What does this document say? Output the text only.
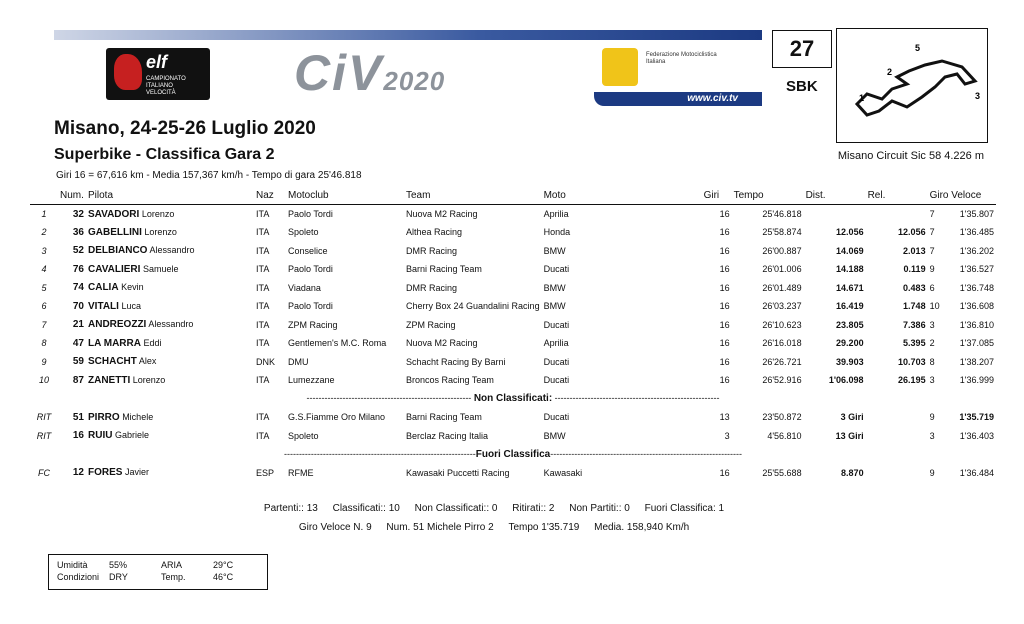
elf
CAMPIONATO ITALIANO VELOCITÀ	CiV2020
Federazione Motociclistica Italiana
www.civ.tv
27
SBK
1
2
5
3
Misano, 24-25-26 Luglio 2020
Superbike - Classifica Gara 2
Giri 16 = 67,616 km - Media 157,367 km/h - Tempo di gara 25'46.818
Misano Circuit Sic 58 4.226 m
	Num.	Pilota	Naz	Motoclub	Team	Moto	Giri	Tempo	Dist.	Rel.	Giro Veloce	
1	32	SAVADORI Lorenzo	ITA	Paolo Tordi	Nuova M2 Racing	Aprilia	16	25'46.818			7	1'35.807
2	36	GABELLINI Lorenzo	ITA	Spoleto	Althea Racing	Honda	16	25'58.874	12.056	12.056	7	1'36.485
3	52	DELBIANCO Alessandro	ITA	Conselice	DMR Racing	BMW	16	26'00.887	14.069	2.013	7	1'36.202
4	76	CAVALIERI Samuele	ITA	Paolo Tordi	Barni Racing Team	Ducati	16	26'01.006	14.188	0.119	9	1'36.527
5	74	CALIA Kevin	ITA	Viadana	DMR Racing	BMW	16	26'01.489	14.671	0.483	6	1'36.748
6	70	VITALI Luca	ITA	Paolo Tordi	Cherry Box 24 Guandalini Racing	BMW	16	26'03.237	16.419	1.748	10	1'36.608
7	21	ANDREOZZI Alessandro	ITA	ZPM Racing	ZPM Racing	Ducati	16	26'10.623	23.805	7.386	3	1'36.810
8	47	LA MARRA Eddi	ITA	Gentlemen's M.C. Roma	Nuova M2 Racing	Aprilia	16	26'16.018	29.200	5.395	2	1'37.085
9	59	SCHACHT Alex	DNK	DMU	Schacht Racing By Barni	Ducati	16	26'26.721	39.903	10.703	8	1'38.207
10	87	ZANETTI Lorenzo	ITA	Lumezzane	Broncos Racing Team	Ducati	16	26'52.916	1'06.098	26.195	3	1'36.999
------------------------------------------------------- Non Classificati: -------------------------------------------------------												
RIT	51	PIRRO Michele	ITA	G.S.Fiamme Oro Milano	Barni Racing Team	Ducati	13	23'50.872	3 Giri		9	1'35.719
RIT	16	RUIU Gabriele	ITA	Spoleto	Berclaz Racing Italia	BMW	3	4'56.810	13 Giri		3	1'36.403
----------------------------------------------------------------Fuori Classifica----------------------------------------------------------------												
FC	12	FORES Javier	ESP	RFME	Kawasaki Puccetti Racing	Kawasaki	16	25'55.688	8.870		9	1'36.484
Partenti:: 13 Classificati:: 10 Non Classificati:: 0 Ritirati:: 2 Non Partiti:: 0 Fuori Classifica: 1
Giro Veloce N. 9 Num. 51 Michele Pirro 2 Tempo 1'35.719 Media. 158,940 Km/h
Umidità	55%	ARIA	29°C
Condizioni	DRY	Temp.	46°C
